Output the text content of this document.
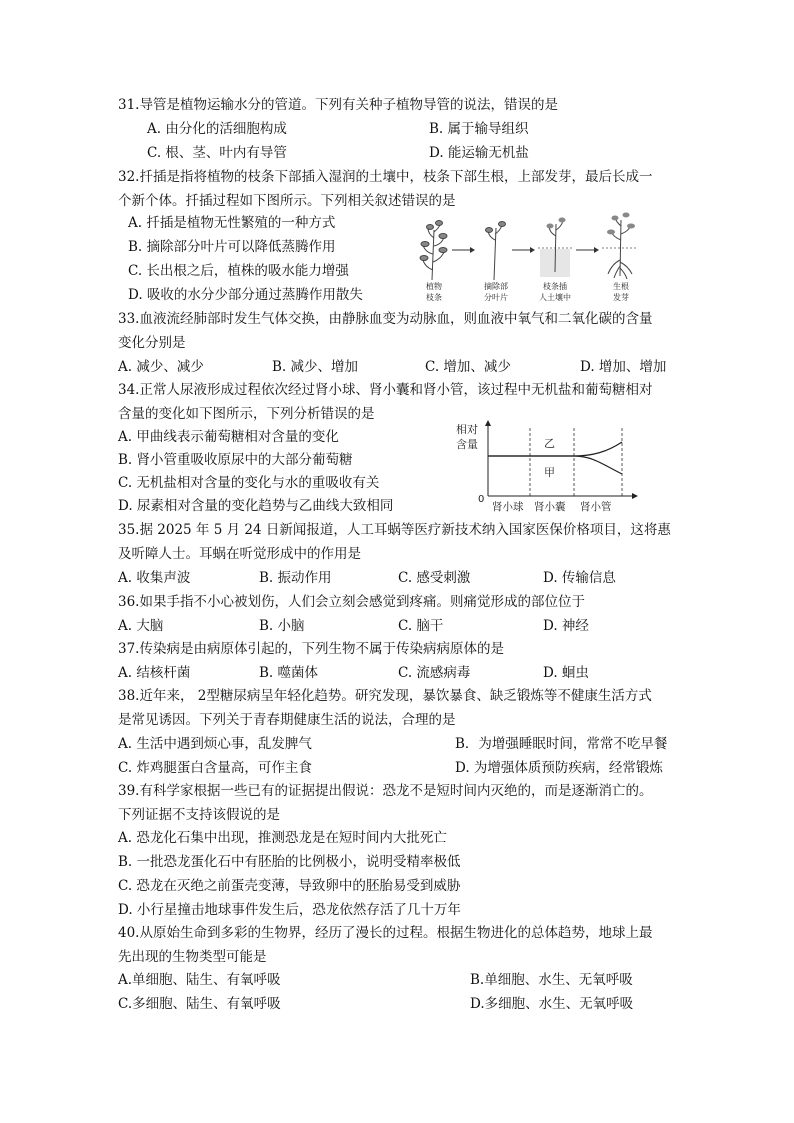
31.导管是植物运输水分的管道。下列有关种子植物导管的说法，错误的是
A. 由分化的活细胞构成	B. 属于输导组织
C. 根、茎、叶内有导管	D. 能运输无机盐
32.扦插是指将植物的枝条下部插入湿润的土壤中，枝条下部生根，上部发芽，最后长成一
个新个体。扦插过程如下图所示。下列相关叙述错误的是
A. 扦插是植物无性繁殖的一种方式
B. 摘除部分叶片可以降低蒸腾作用
C. 长出根之后，植株的吸水能力增强
D. 吸收的水分少部分通过蒸腾作用散失
植物
枝条
摘除部
分叶片
枝条插
人土壤中
生根
发芽
33.血液流经肺部时发生气体交换，由静脉血变为动脉血，则血液中氧气和二氧化碳的含量
变化分别是
A. 减少、减少	B. 减少、增加	C. 增加、减少	D. 增加、增加
34.正常人尿液形成过程依次经过肾小球、肾小囊和肾小管，该过程中无机盐和葡萄糖相对
含量的变化如下图所示，下列分析错误的是
A. 甲曲线表示葡萄糖相对含量的变化
B. 肾小管重吸收原尿中的大部分葡萄糖
C. 无机盐相对含量的变化与水的重吸收有关
D. 尿素相对含量的变化趋势与乙曲线大致相同
相对
含量
0
乙
甲
肾小球 肾小囊 肾小管
35.据 2025 年 5 月 24 日新闻报道，人工耳蜗等医疗新技术纳入国家医保价格项目，这将惠
及听障人士。耳蜗在听觉形成中的作用是
A. 收集声波	B. 振动作用	C. 感受刺激	D. 传输信息
36.如果手指不小心被划伤，人们会立刻会感觉到疼痛。则痛觉形成的部位位于
A. 大脑	B. 小脑	C. 脑干	D. 神经
37.传染病是由病原体引起的，下列生物不属于传染病病原体的是
A. 结核杆菌	B. 噬菌体	C. 流感病毒	D. 蛔虫
38.近年来， 2型糖尿病呈年轻化趋势。研究发现，暴饮暴食、缺乏锻炼等不健康生活方式
是常见诱因。下列关于青春期健康生活的说法，合理的是
A. 生活中遇到烦心事，乱发脾气	B．为增强睡眠时间，常常不吃早餐
C. 炸鸡腿蛋白含量高，可作主食	D. 为增强体质预防疾病，经常锻炼
39.有科学家根据一些已有的证据提出假说：恐龙不是短时间内灭绝的，而是逐渐消亡的。
下列证据不支持该假说的是
A. 恐龙化石集中出现，推测恐龙是在短时间内大批死亡
B. 一批恐龙蛋化石中有胚胎的比例极小，说明受精率极低
C. 恐龙在灭绝之前蛋壳变薄，导致卵中的胚胎易受到威胁
D. 小行星撞击地球事件发生后，恐龙依然存活了几十万年
40.从原始生命到多彩的生物界，经历了漫长的过程。根据生物进化的总体趋势，地球上最
先出现的生物类型可能是
A.单细胞、陆生、有氧呼吸	B.单细胞、水生、无氧呼吸
C.多细胞、陆生、有氧呼吸	D.多细胞、水生、无氧呼吸
